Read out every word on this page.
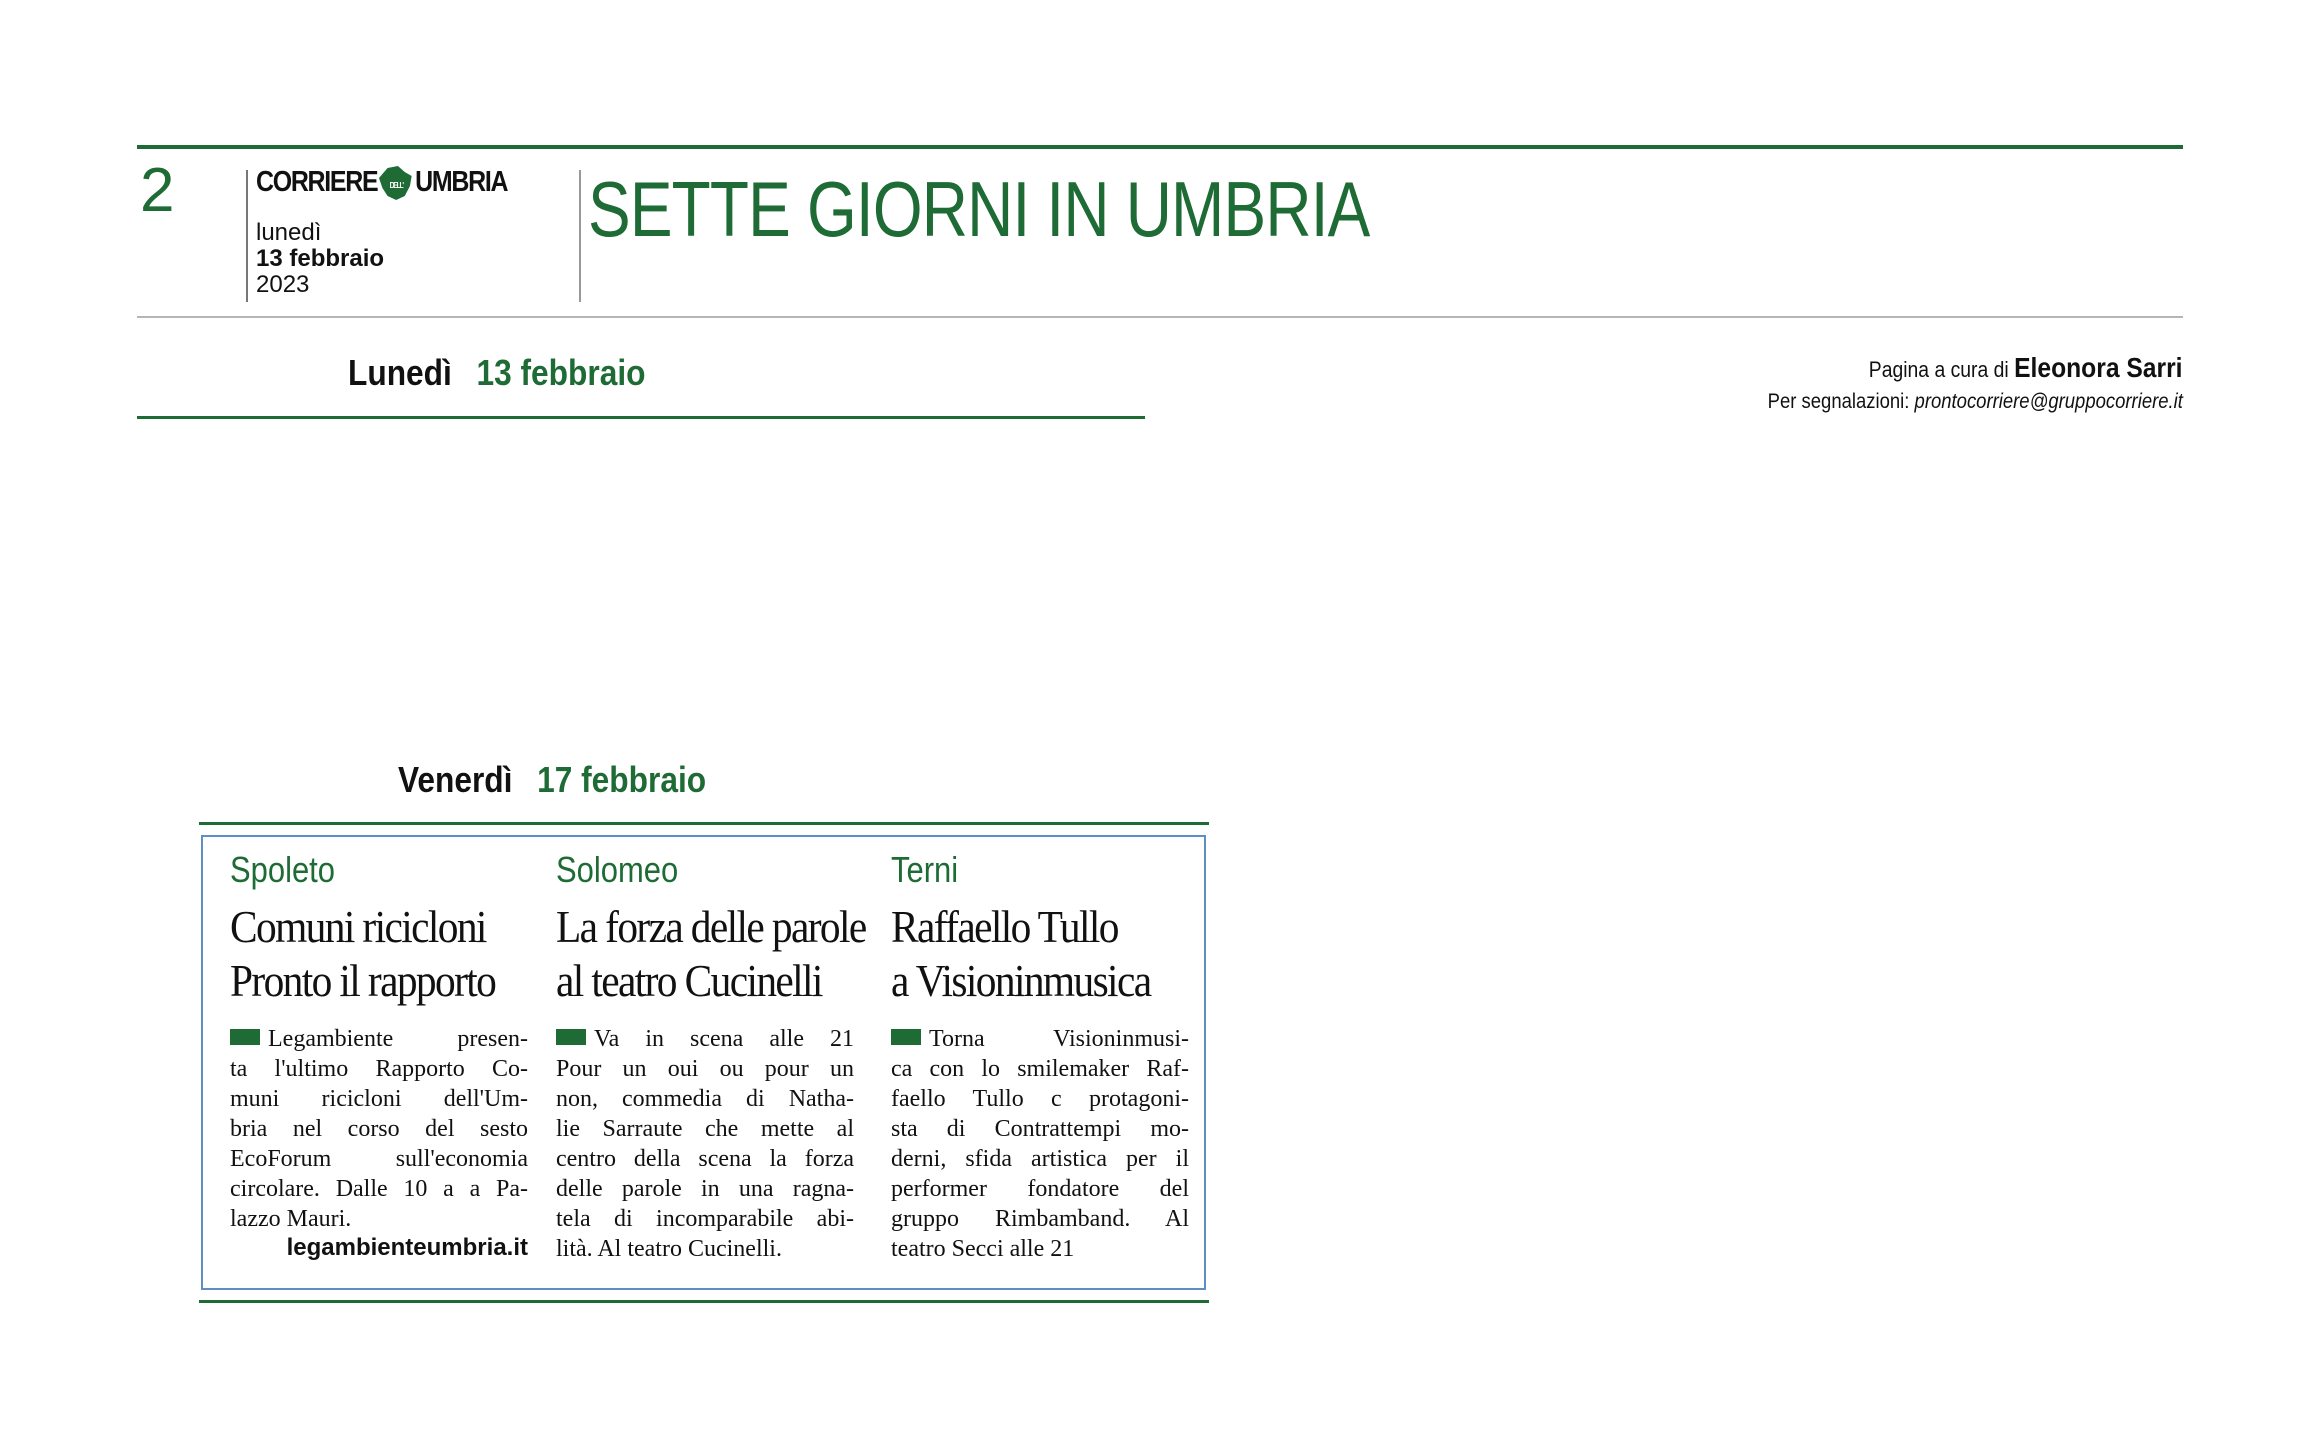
2	CORRIERE DELL' UMBRIA
lunedì
13 febbraio
2023
SETTE GIORNI IN UMBRIA
Lunedì 13 febbraio	Pagina a cura di Eleonora Sarri
Per segnalazioni: prontocorriere@gruppocorriere.it
Venerdì 17 febbraio
Spoleto
Comuni ricicloni
Pronto il rapporto
Legambiente presen-
ta l'ultimo Rapporto Co-
muni ricicloni dell'Um-
bria nel corso del sesto
EcoForum sull'economia
circolare. Dalle 10 a a Pa-
lazzo Mauri.
legambienteumbria.it
Solomeo
La forza delle parole
al teatro Cucinelli
Va in scena alle 21
Pour un oui ou pour un
non, commedia di Natha-
lie Sarraute che mette al
centro della scena la forza
delle parole in una ragna-
tela di incomparabile abi-
lità. Al teatro Cucinelli.
Terni
Raffaello Tullo
a Visioninmusica
Torna Visioninmusi-
ca con lo smilemaker Raf-
faello Tullo c protagoni-
sta di Contrattempi mo-
derni, sfida artistica per il
performer fondatore del
gruppo Rimbamband. Al
teatro Secci alle 21
